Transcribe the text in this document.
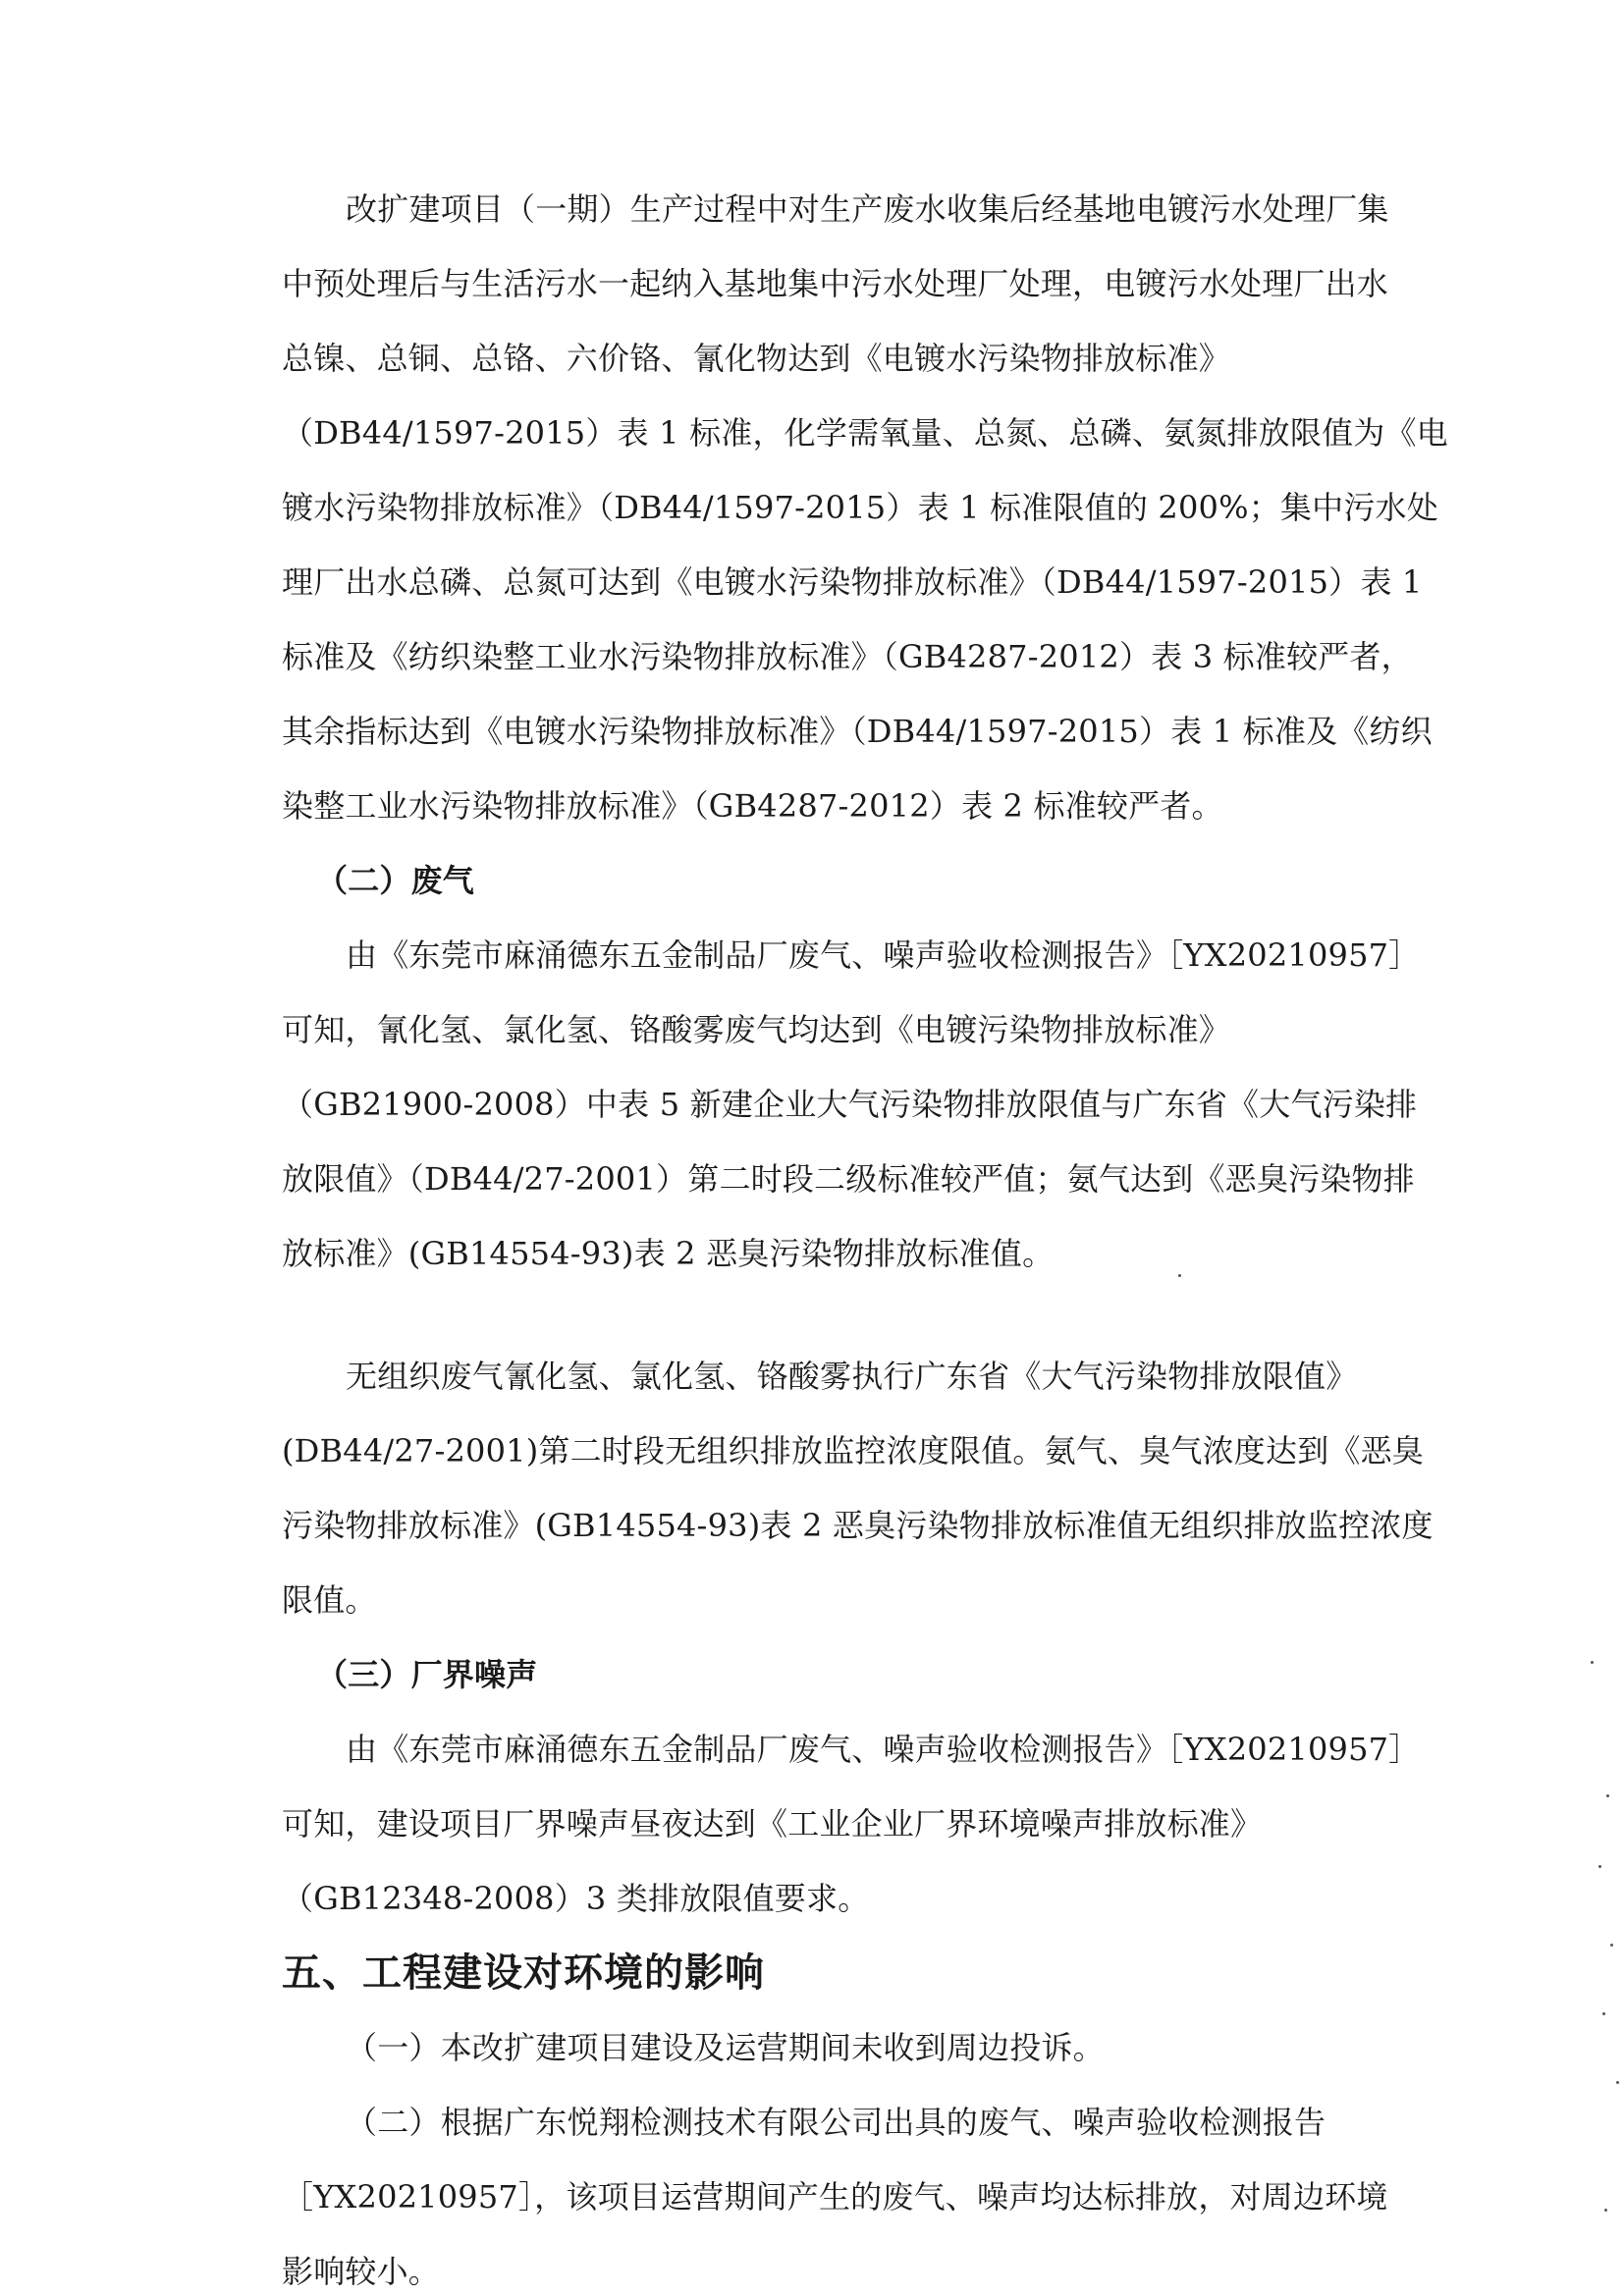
改扩建项目（一期）生产过程中对生产废水收集后经基地电镀污水处理厂集
中预处理后与生活污水一起纳入基地集中污水处理厂处理，电镀污水处理厂出水
总镍、总铜、总铬、六价铬、氰化物达到《电镀水污染物排放标准》
（DB44/1597-2015）表 1 标准，化学需氧量、总氮、总磷、氨氮排放限值为《电
镀水污染物排放标准》（DB44/1597-2015）表 1 标准限值的 200%；集中污水处
理厂出水总磷、总氮可达到《电镀水污染物排放标准》（DB44/1597-2015）表 1
标准及《纺织染整工业水污染物排放标准》（GB4287-2012）表 3 标准较严者，
其余指标达到《电镀水污染物排放标准》（DB44/1597-2015）表 1 标准及《纺织
染整工业水污染物排放标准》（GB4287-2012）表 2 标准较严者。
（二）废气
由《东莞市麻涌德东五金制品厂废气、噪声验收检测报告》［YX20210957］
可知，氰化氢、氯化氢、铬酸雾废气均达到《电镀污染物排放标准》
（GB21900-2008）中表 5 新建企业大气污染物排放限值与广东省《大气污染排
放限值》（DB44/27-2001）第二时段二级标准较严值；氨气达到《恶臭污染物排
放标准》(GB14554-93)表 2 恶臭污染物排放标准值。
无组织废气氰化氢、氯化氢、铬酸雾执行广东省《大气污染物排放限值》
(DB44/27-2001)第二时段无组织排放监控浓度限值。氨气、臭气浓度达到《恶臭
污染物排放标准》(GB14554-93)表 2 恶臭污染物排放标准值无组织排放监控浓度
限值。
（三）厂界噪声
由《东莞市麻涌德东五金制品厂废气、噪声验收检测报告》［YX20210957］
可知，建设项目厂界噪声昼夜达到《工业企业厂界环境噪声排放标准》
（GB12348-2008）3 类排放限值要求。
五、工程建设对环境的影响
（一）本改扩建项目建设及运营期间未收到周边投诉。
（二）根据广东悦翔检测技术有限公司出具的废气、噪声验收检测报告
［YX20210957］，该项目运营期间产生的废气、噪声均达标排放，对周边环境
影响较小。
